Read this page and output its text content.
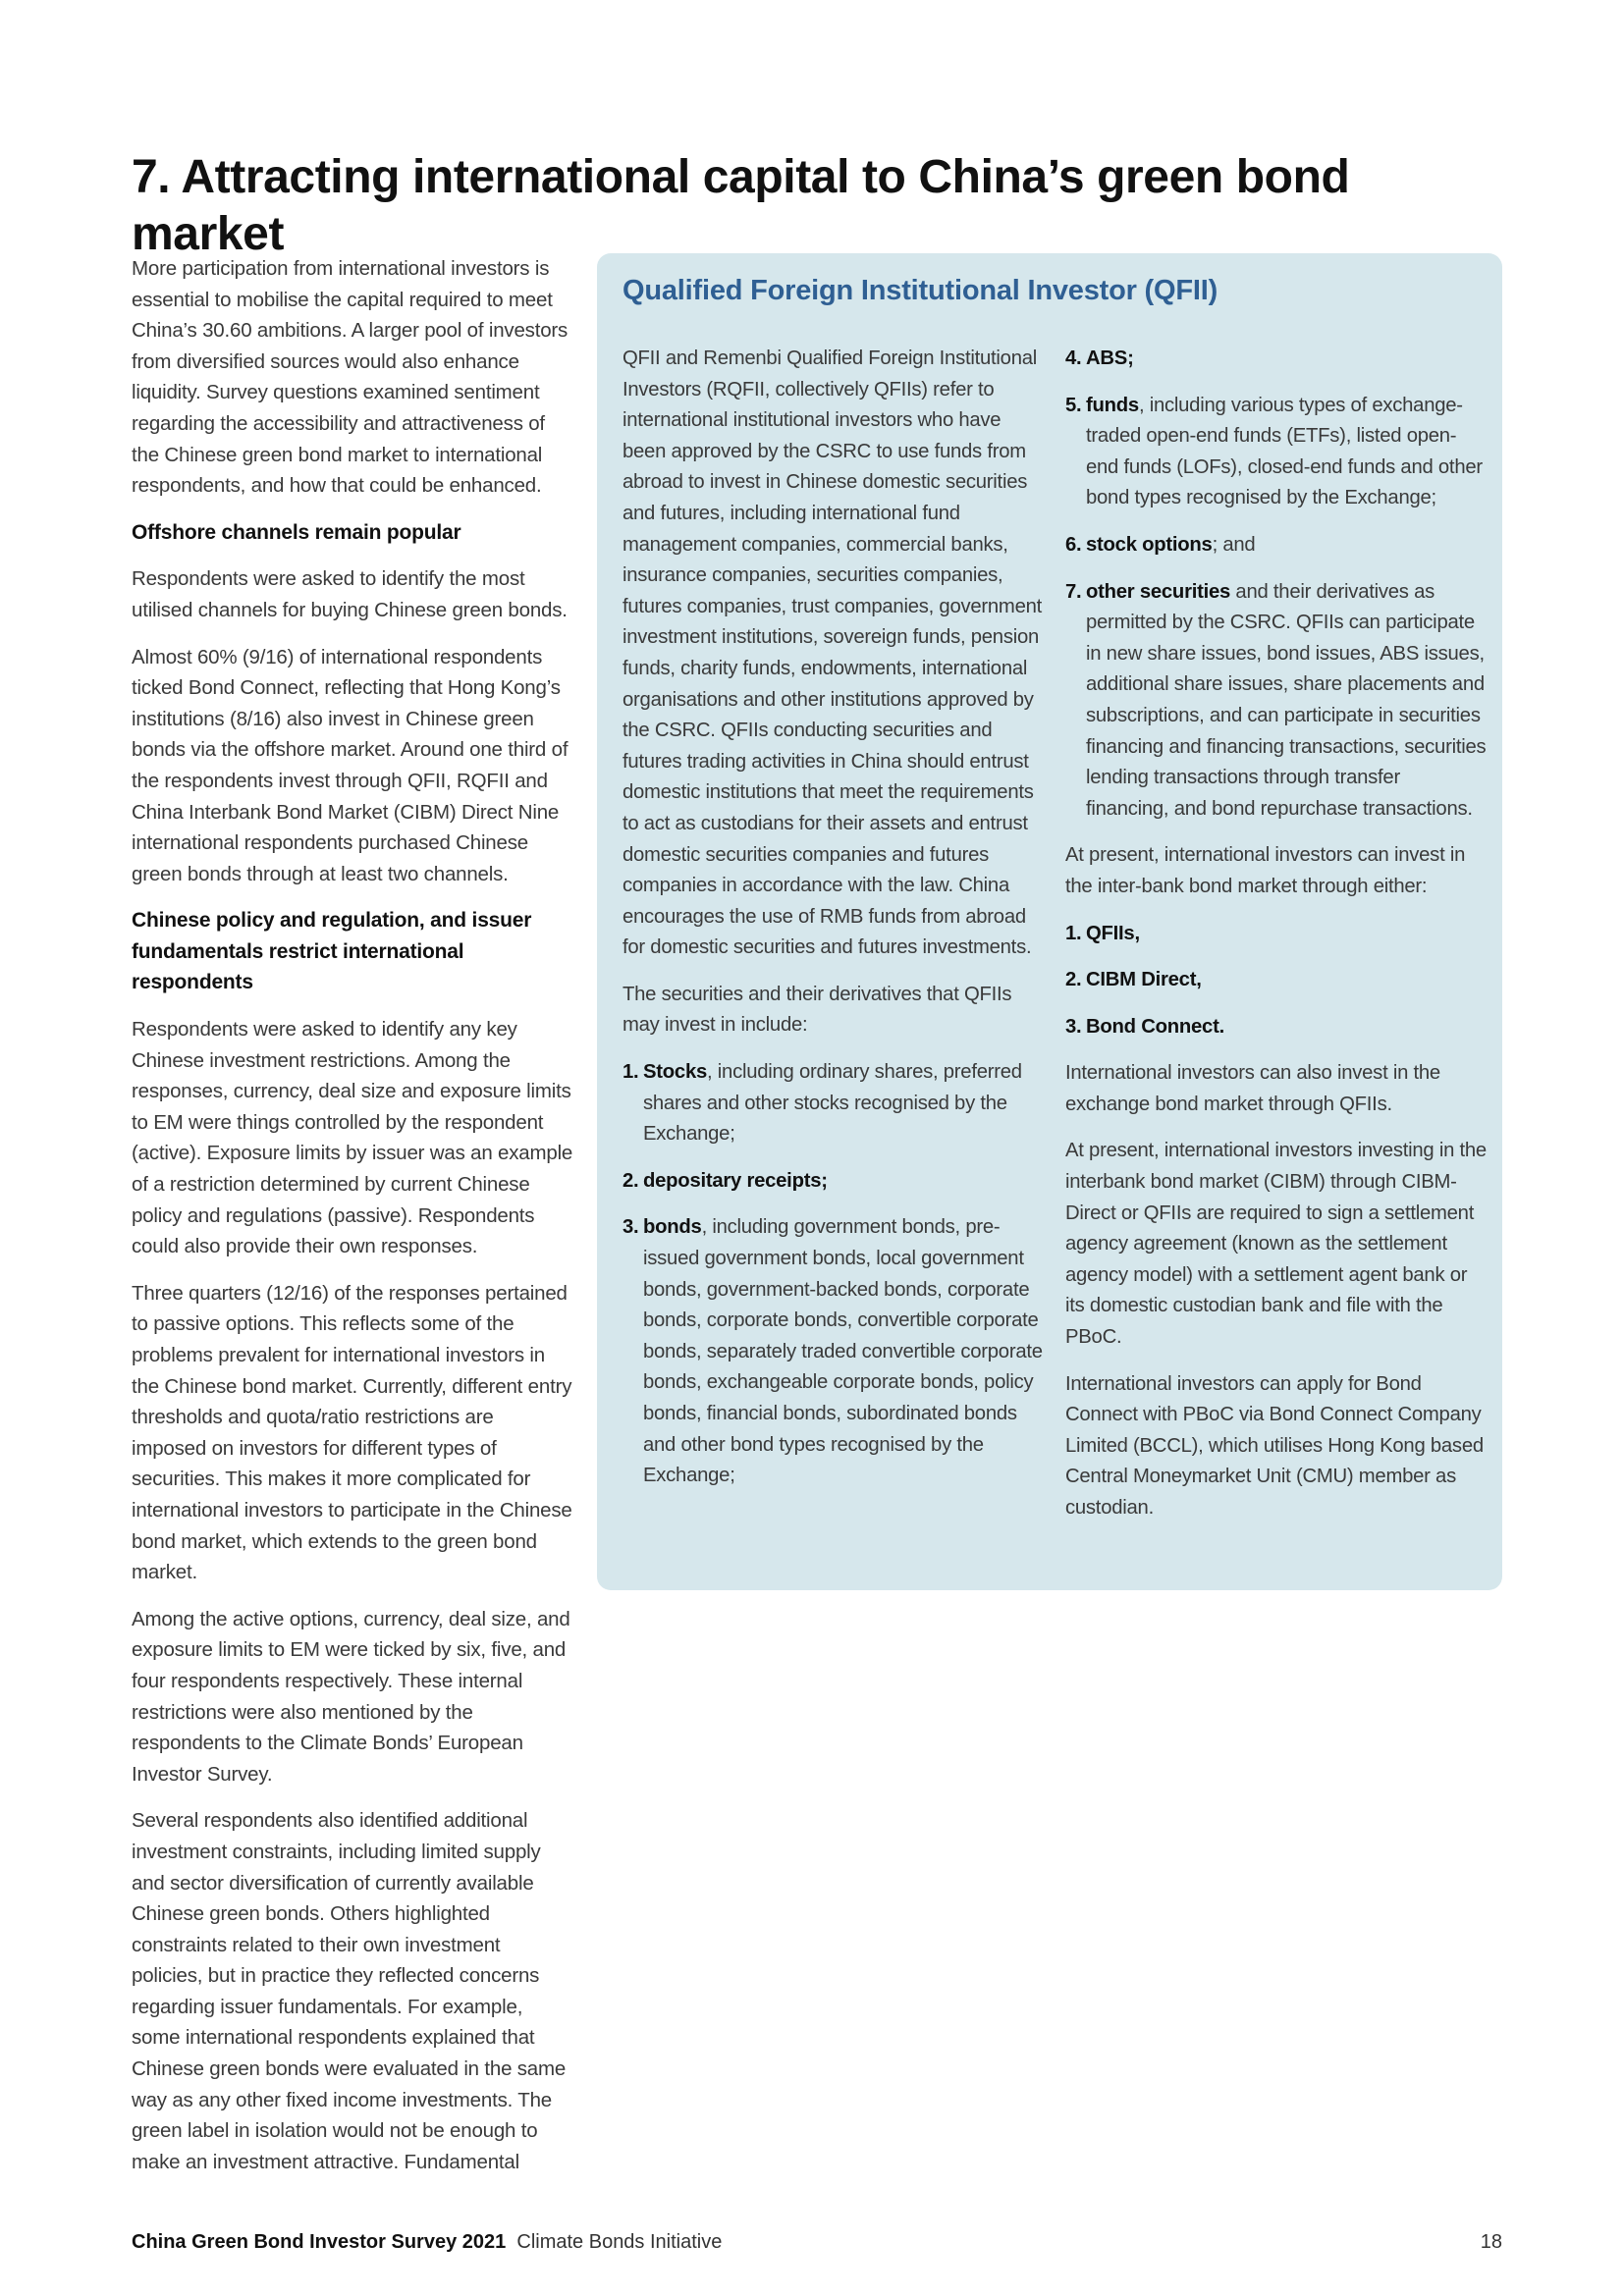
7. Attracting international capital to China’s green bond market

More participation from international investors is essential to mobilise the capital required to meet China’s 30.60 ambitions. A larger pool of investors from diversified sources would also enhance liquidity. Survey questions examined sentiment regarding the accessibility and attractiveness of the Chinese green bond market to international respondents, and how that could be enhanced.

Offshore channels remain popular

Respondents were asked to identify the most utilised channels for buying Chinese green bonds.

Almost 60% (9/16) of international respondents ticked Bond Connect, reflecting that Hong Kong’s institutions (8/16) also invest in Chinese green bonds via the offshore market. Around one third of the respondents invest through QFII, RQFII and China Interbank Bond Market (CIBM) Direct Nine international respondents purchased Chinese green bonds through at least two channels.

Chinese policy and regulation, and issuer fundamentals restrict international respondents

Respondents were asked to identify any key Chinese investment restrictions. Among the responses, currency, deal size and exposure limits to EM were things controlled by the respondent (active). Exposure limits by issuer was an example of a restriction determined by current Chinese policy and regulations (passive). Respondents could also provide their own responses.

Three quarters (12/16) of the responses pertained to passive options. This reflects some of the problems prevalent for international investors in the Chinese bond market. Currently, different entry thresholds and quota/ratio restrictions are imposed on investors for different types of securities. This makes it more complicated for international investors to participate in the Chinese bond market, which extends to the green bond market.

Among the active options, currency, deal size, and exposure limits to EM were ticked by six, five, and four respondents respectively. These internal restrictions were also mentioned by the respondents to the Climate Bonds’ European Investor Survey.

Several respondents also identified additional investment constraints, including limited supply and sector diversification of currently available Chinese green bonds. Others highlighted constraints related to their own investment policies, but in practice they reflected concerns regarding issuer fundamentals. For example, some international respondents explained that Chinese green bonds were evaluated in the same way as any other fixed income investments. The green label in isolation would not be enough to make an investment attractive. Fundamental

Qualified Foreign Institutional Investor (QFII)

QFII and Remenbi Qualified Foreign Institutional Investors (RQFII, collectively QFIIs) refer to international institutional investors who have been approved by the CSRC to use funds from abroad to invest in Chinese domestic securities and futures, including international fund management companies, commercial banks, insurance companies, securities companies, futures companies, trust companies, government investment institutions, sovereign funds, pension funds, charity funds, endowments, international organisations and other institutions approved by the CSRC. QFIIs conducting securities and futures trading activities in China should entrust domestic institutions that meet the requirements to act as custodians for their assets and entrust domestic securities companies and futures companies in accordance with the law. China encourages the use of RMB funds from abroad for domestic securities and futures investments.

The securities and their derivatives that QFIIs may invest in include:

1. Stocks, including ordinary shares, preferred shares and other stocks recognised by the Exchange;
2. depositary receipts;
3. bonds, including government bonds, pre-issued government bonds, local government bonds, government-backed bonds, corporate bonds, corporate bonds, convertible corporate bonds, separately traded convertible corporate bonds, exchangeable corporate bonds, policy bonds, financial bonds, subordinated bonds and other bond types recognised by the Exchange;
4. ABS;
5. funds, including various types of exchange-traded open-end funds (ETFs), listed open-end funds (LOFs), closed-end funds and other bond types recognised by the Exchange;
6. stock options; and
7. other securities and their derivatives as permitted by the CSRC. QFIIs can participate in new share issues, bond issues, ABS issues, additional share issues, share placements and subscriptions, and can participate in securities financing and financing transactions, securities lending transactions through transfer financing, and bond repurchase transactions.

At present, international investors can invest in the inter-bank bond market through either:

1. QFIIs,
2. CIBM Direct,
3. Bond Connect.

International investors can also invest in the exchange bond market through QFIIs.

At present, international investors investing in the interbank bond market (CIBM) through CIBM-Direct or QFIIs are required to sign a settlement agency agreement (known as the settlement agency model) with a settlement agent bank or its domestic custodian bank and file with the PBoC.

International investors can apply for Bond Connect with PBoC via Bond Connect Company Limited (BCCL), which utilises Hong Kong based Central Moneymarket Unit (CMU) member as custodian.

China Green Bond Investor Survey 2021 Climate Bonds Initiative	18
